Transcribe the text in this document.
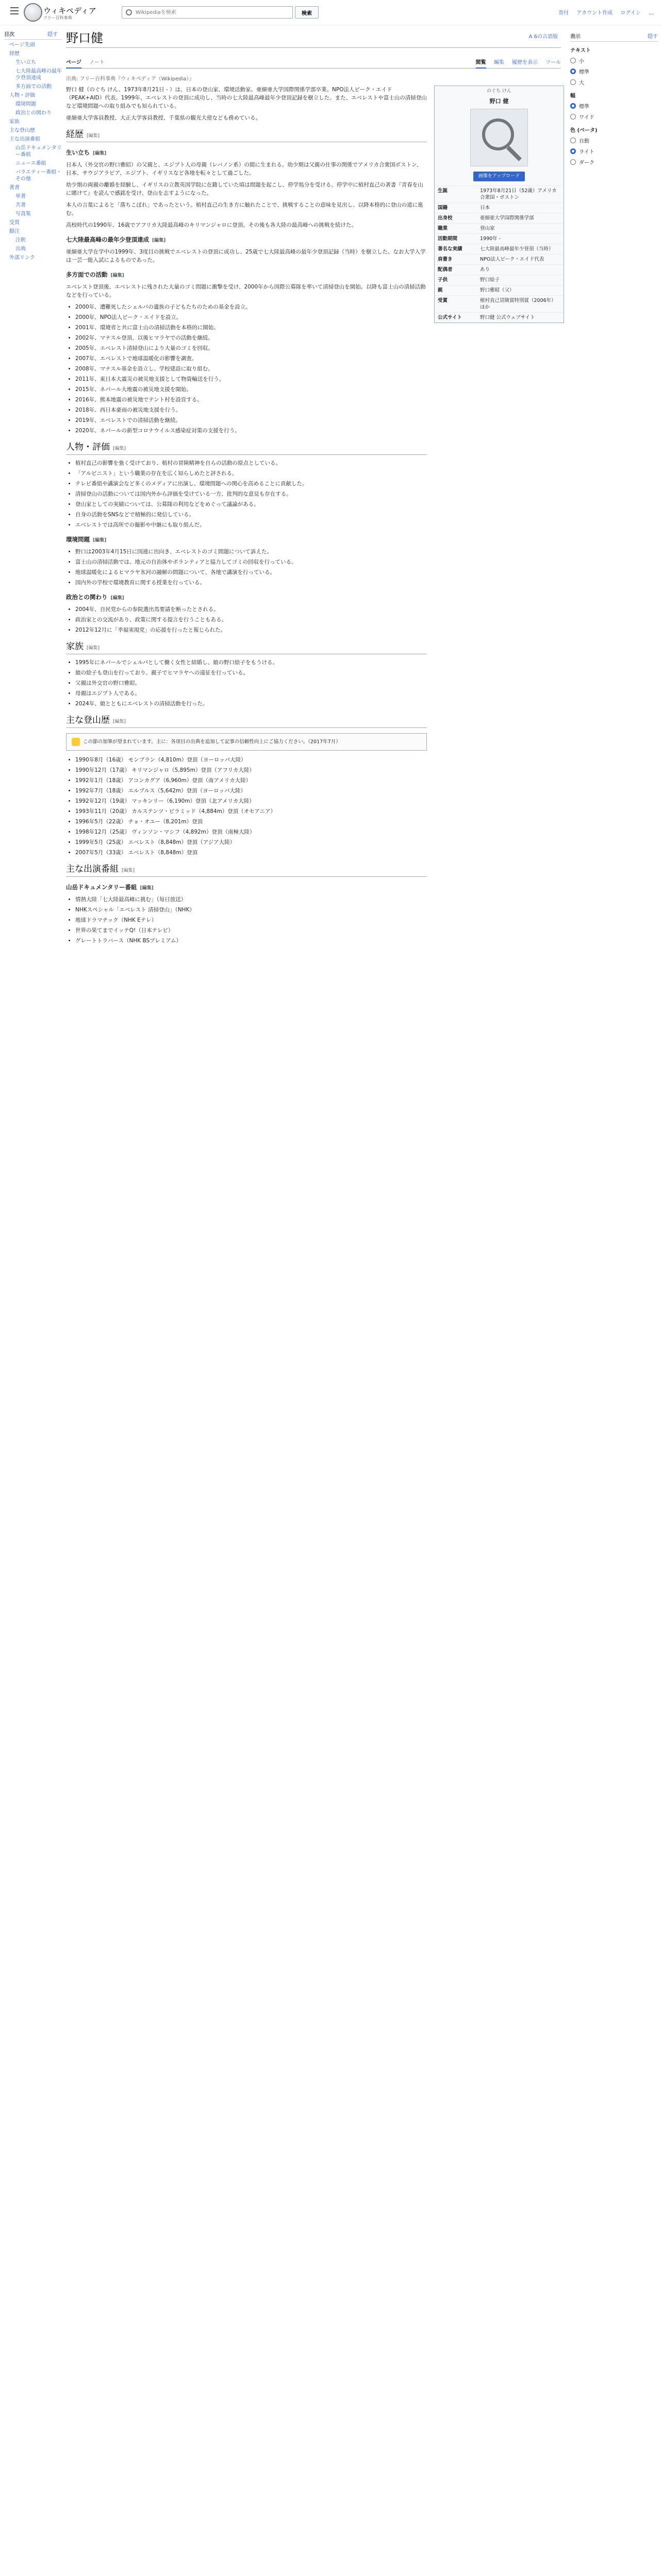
ウィキペディア
フリー百科事典
Wikipediaを検索
検索	寄付 アカウント作成 ログイン …
目次	隠す
ページ先頭
経歴
生い立ち
七大陸最高峰の最年少登頂達成
多方面での活動
人物・評価
環境問題
政治との関わり
家族
主な登山歴
主な出演番組
山岳ドキュメンタリー番組
ニュース番組
バラエティー番組・その他
著書
単著
共著
写真集
受賞
脚注
注釈
出典
外部リンク
野口健	A 6の言語版
ページ ノート	閲覧 編集 履歴を表示 ツール
出典: フリー百科事典『ウィキペディア（Wikipedia）』

野口 健（のぐち けん、1973年8月21日 - ）は、日本の登山家、環境活動家。亜細亜大学国際関係学部卒業。NPO法人ピーク・エイド（PEAK+AID）代表。1999年、エベレストの登頂に成功し、当時の七大陸最高峰最年少登頂記録を樹立した。また、エベレストや富士山の清掃登山など環境問題への取り組みでも知られている。

亜細亜大学客員教授、大正大学客員教授、千葉県の観光大使なども務めている。

経歴 [編集]
生い立ち [編集]

日本人（外交官の野口雅昭）の父親と、エジプト人の母親（レバノン系）の間に生まれる。幼少期は父親の仕事の関係でアメリカ合衆国ボストン、日本、サウジアラビア、エジプト、イギリスなど各地を転々として過ごした。

幼少期の両親の離婚を経験し、イギリスの立教英国学院に在籍していた頃は問題を起こし、停学処分を受ける。停学中に植村直己の著書『青春を山に賭けて』を読んで感銘を受け、登山を志すようになった。

本人の言葉によると「落ちこぼれ」であったという。植村直己の生き方に触れたことで、挑戦することの意味を見出し、以降本格的に登山の道に進む。

高校時代の1990年、16歳でアフリカ大陸最高峰のキリマンジャロに登頂。その後も各大陸の最高峰への挑戦を続けた。

七大陸最高峰の最年少登頂達成 [編集]

亜細亜大学在学中の1999年、3度目の挑戦でエベレストの登頂に成功し、25歳で七大陸最高峰の最年少登頂記録（当時）を樹立した。なお大学入学は一芸一能入試によるものであった。

多方面での活動 [編集]

エベレスト登頂後、エベレストに残された大量のゴミ問題に衝撃を受け、2000年から国際公募隊を率いて清掃登山を開始。以降も富士山の清掃活動などを行っている。

• 2000年、遭難死したシェルパの遺族の子どもたちのための基金を設立。
• 2000年、NPO法人ピーク・エイドを設立。
• 2001年、環境省と共に富士山の清掃活動を本格的に開始。
• 2002年、マナスル登頂、以後ヒマラヤでの活動を継続。
• 2005年、エベレスト清掃登山により大量のゴミを回収。
• 2007年、エベレストで地球温暖化の影響を調査。
• 2008年、マナスル基金を設立し、学校建設に取り組む。
• 2011年、東日本大震災の被災地支援として物資輸送を行う。
• 2015年、ネパール大地震の被災地支援を開始。
• 2016年、熊本地震の被災地でテント村を設営する。
• 2018年、西日本豪雨の被災地支援を行う。
• 2019年、エベレストでの清掃活動を継続。
• 2020年、ネパールの新型コロナウイルス感染症対策の支援を行う。
人物・評価 [編集]
• 植村直己の影響を強く受けており、植村の冒険精神を自らの活動の原点としている。
• 「アルピニスト」という職業の存在を広く知らしめたと評される。
• テレビ番組や講演会など多くのメディアに出演し、環境問題への関心を高めることに貢献した。
• 清掃登山の活動については国内外から評価を受けている一方、批判的な意見も存在する。
• 登山家としての実績については、公募隊の利用などをめぐって議論がある。
• 自身の活動をSNSなどで積極的に発信している。
• エベレストでは高所での撮影や中継にも取り組んだ。
環境問題 [編集]
• 野口は2003年4月15日に国連に出向き、エベレストのゴミ問題について訴えた。
• 富士山の清掃活動では、地元の自治体やボランティアと協力してゴミの回収を行っている。
• 地球温暖化によるヒマラヤ氷河の融解の問題について、各地で講演を行っている。
• 国内外の学校で環境教育に関する授業を行っている。
政治との関わり [編集]
• 2004年、自民党からの参院選出馬要請を断ったとされる。
• 政治家との交流があり、政策に関する提言を行うこともある。
• 2012年12月に「幸福実現党」の応援を行ったと報じられた。
家族 [編集]
• 1995年にネパールでシェルパとして働く女性と結婚し、娘の野口絵子をもうける。
• 娘の絵子も登山を行っており、親子でヒマラヤへの遠征を行っている。
• 父親は外交官の野口雅昭。
• 母親はエジプト人である。
• 2024年、娘とともにエベレストの清掃活動を行った。
主な登山歴 [編集]
この節の加筆が望まれています。主に：各項目の出典を追加して記事の信頼性向上にご協力ください。（2017年7月）
• 1990年8月（16歳） モンブラン（4,810m）登頂（ヨーロッパ大陸）
• 1990年12月（17歳） キリマンジャロ（5,895m）登頂（アフリカ大陸）
• 1992年1月（18歳） アコンカグア（6,960m）登頂（南アメリカ大陸）
• 1992年7月（18歳） エルブルス（5,642m）登頂（ヨーロッパ大陸）
• 1992年12月（19歳） マッキンリー（6,190m）登頂（北アメリカ大陸）
• 1993年11月（20歳） カルステンツ・ピラミッド（4,884m）登頂（オセアニア）
• 1996年5月（22歳） チョ・オユー（8,201m）登頂
• 1998年12月（25歳） ヴィンソン・マシフ（4,892m）登頂（南極大陸）
• 1999年5月（25歳） エベレスト（8,848m）登頂（アジア大陸）
• 2007年5月（33歳） エベレスト（8,848m）登頂
主な出演番組 [編集]
山岳ドキュメンタリー番組 [編集]
• 情熱大陸「七大陸最高峰に挑む」（毎日放送）
• NHKスペシャル「エベレスト 清掃登山」（NHK）
• 地球ドラマチック（NHK Eテレ）
• 世界の果てまでイッテQ!（日本テレビ）
• グレートトラバース（NHK BSプレミアム）
のぐち けん
野口 健
画像をアップロード
生誕	1973年8月21日（52歳）アメリカ合衆国・ボストン
国籍	日本
出身校	亜細亜大学国際関係学部
職業	登山家
活動期間	1990年 -
著名な実績	七大陸最高峰最年少登頂（当時）
肩書き	NPO法人ピーク・エイド代表
配偶者	あり
子供	野口絵子
親	野口雅昭（父）
受賞	植村直己冒険賞特別賞（2006年）ほか
公式サイト	野口健 公式ウェブサイト
表示	隠す
テキスト
小
標準
大
幅
標準
ワイド
色 (ベータ)
自動
ライト
ダーク
